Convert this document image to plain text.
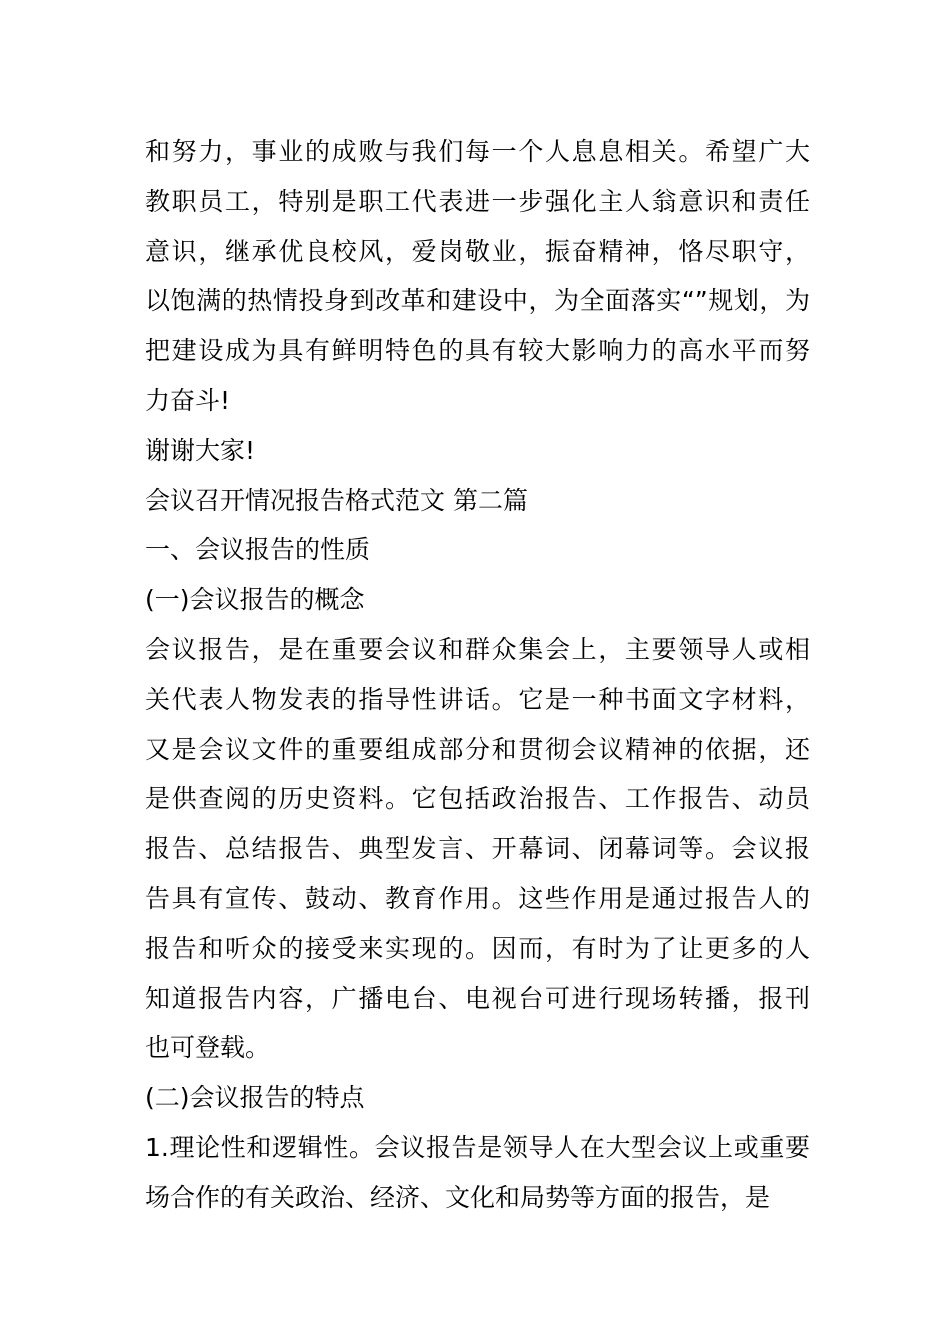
和努力，事业的成败与我们每一个人息息相关。希望广大
教职员工，特别是职工代表进一步强化主人翁意识和责任
意识，继承优良校风，爱岗敬业，振奋精神，恪尽职守，
以饱满的热情投身到改革和建设中，为全面落实“”规划，为
把建设成为具有鲜明特色的具有较大影响力的高水平而努
力奋斗!
谢谢大家!
会议召开情况报告格式范文 第二篇
一、会议报告的性质
(一)会议报告的概念
会议报告，是在重要会议和群众集会上，主要领导人或相
关代表人物发表的指导性讲话。它是一种书面文字材料，
又是会议文件的重要组成部分和贯彻会议精神的依据，还
是供查阅的历史资料。它包括政治报告、工作报告、动员
报告、总结报告、典型发言、开幕词、闭幕词等。会议报
告具有宣传、鼓动、教育作用。这些作用是通过报告人的
报告和听众的接受来实现的。因而，有时为了让更多的人
知道报告内容，广播电台、电视台可进行现场转播，报刊
也可登载。
(二)会议报告的特点
1.理论性和逻辑性。会议报告是领导人在大型会议上或重要
场合作的有关政治、经济、文化和局势等方面的报告，是
